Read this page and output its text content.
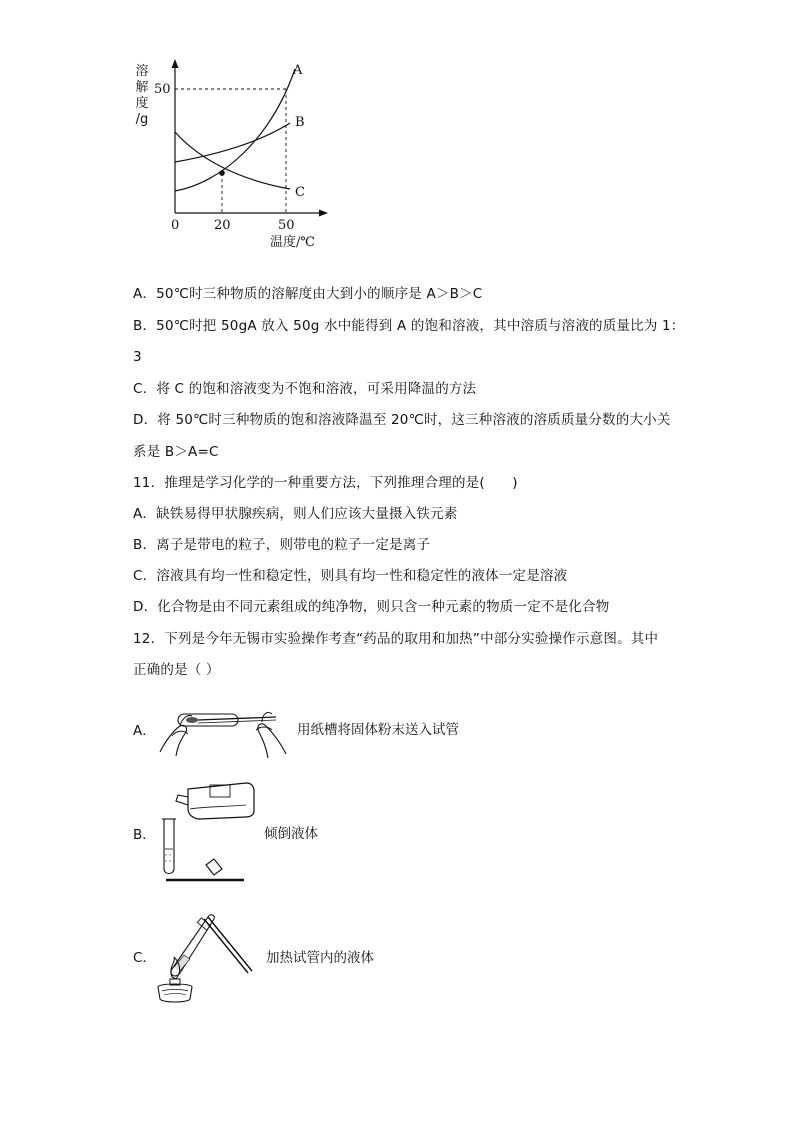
溶
解
度
/g
A
B
C
50
0	20	50
温度/℃
A．50℃时三种物质的溶解度由大到小的顺序是 A＞B＞C
B．50℃时把 50gA 放入 50g 水中能得到 A 的饱和溶液，其中溶质与溶液的质量比为 1：
3
C．将 C 的饱和溶液变为不饱和溶液，可采用降温的方法
D．将 50℃时三种物质的饱和溶液降温至 20℃时，这三种溶液的溶质质量分数的大小关
系是 B＞A=C
11．推理是学习化学的一种重要方法，下列推理合理的是(　　)
A．缺铁易得甲状腺疾病，则人们应该大量摄入铁元素
B．离子是带电的粒子，则带电的粒子一定是离子
C．溶液具有均一性和稳定性，则具有均一性和稳定性的液体一定是溶液
D．化合物是由不同元素组成的纯净物，则只含一种元素的物质一定不是化合物
12．下列是今年无锡市实验操作考查“药品的取用和加热”中部分实验操作示意图。其中
正确的是（ ）
A．	用纸槽将固体粉末送入试管
B．	倾倒液体
C．	加热试管内的液体
